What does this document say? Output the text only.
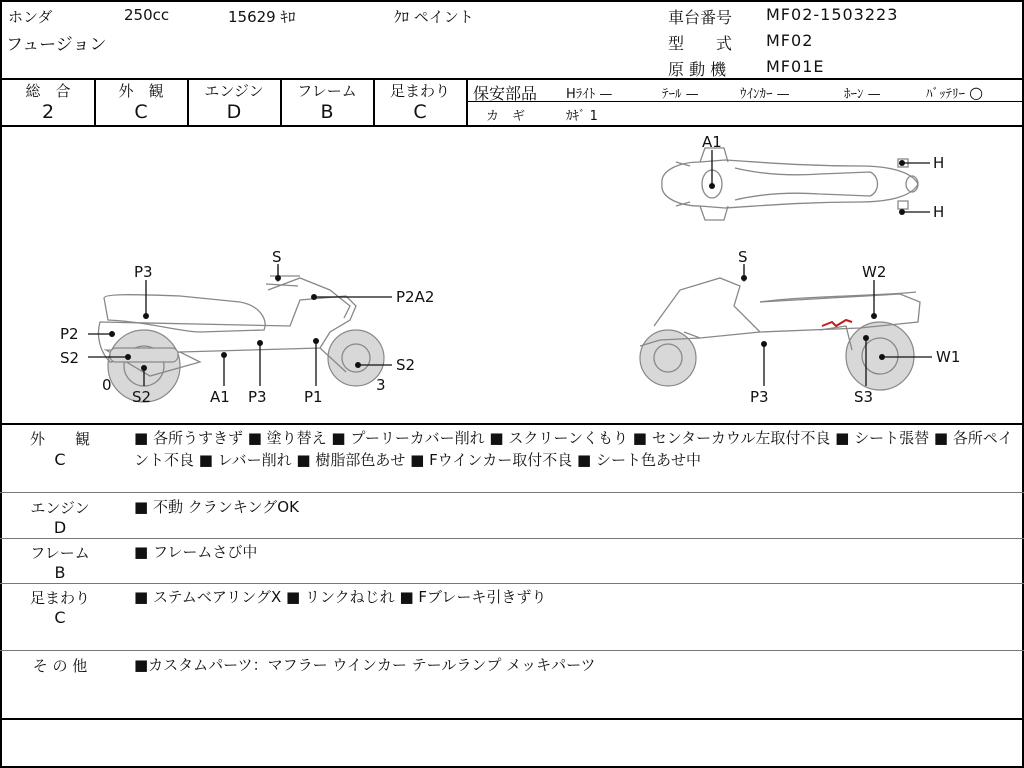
ホンダ	250cc	15629 ｷﾛ	ｸﾛ ペイント
フュージョン
車台番号 MF02-1503223
型　　式 MF02
原 動 機 MF01E
総　合
2
外　観
C
エンジン
D
フレーム
B
足まわり
C
保安部品 Hﾗｲﾄ —	ﾃｰﾙ —	ｳｲﾝｶｰ —	ﾎｰﾝ —	ﾊﾞｯﾃﾘｰ ○
カ　ギ	ｶｷﾞ 1
A1
H
H
P3
S
P2A2
P2
S2	S2
0
S2	A1 P3 P1
3
S
W2
W1
P3	S3
外　　観
C
■ 各所うすきず ■ 塗り替え ■ プーリーカバー削れ ■ スクリーンくもり ■ センターカウル左取付不良 ■ シート張替 ■ 各所ペイント不良 ■ レバー削れ ■ 樹脂部色あせ ■ Fウインカー取付不良 ■ シート色あせ中
エンジン
D
■ 不動 クランキングOK
フレーム
B
■ フレームさび中
足まわり
C
■ ステムベアリングX ■ リンクねじれ ■ Fブレーキ引きずり
そ の 他	■カスタムパーツ：マフラー ウインカー テールランプ メッキパーツ
